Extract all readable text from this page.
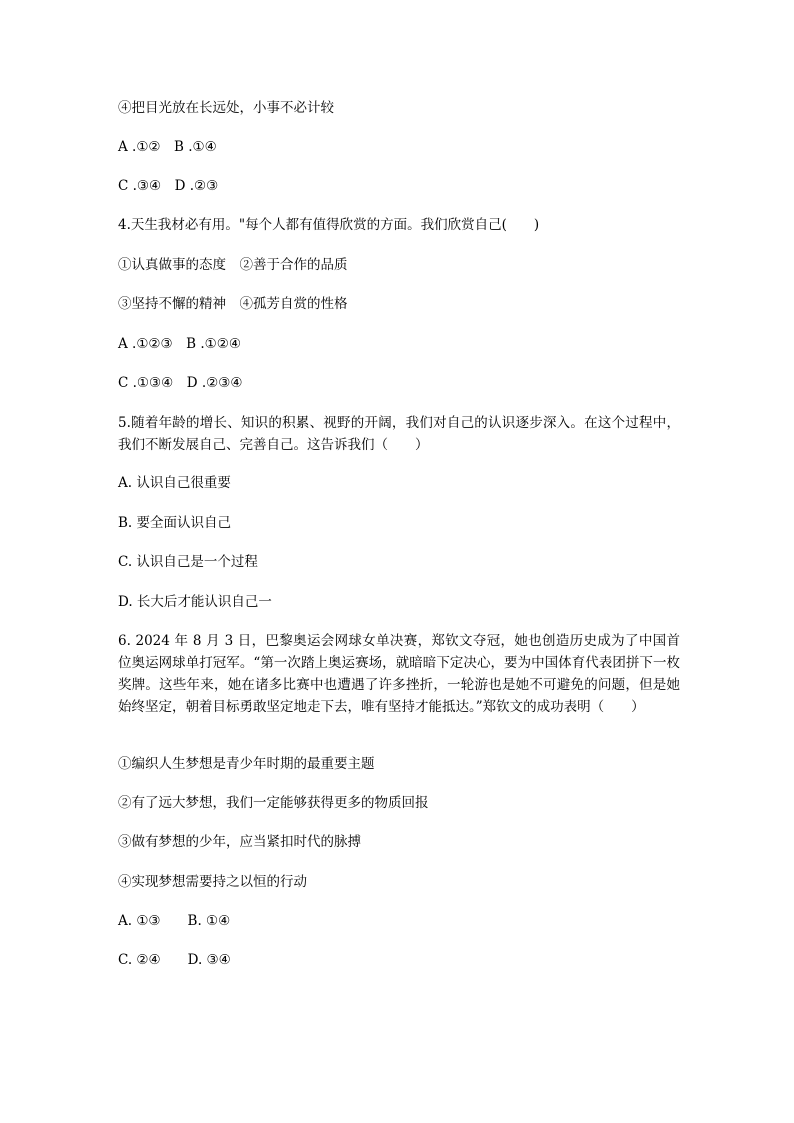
④把目光放在长远处，小事不必计较
A .①②　B .①④
C .③④　D .②③
4.天生我材必有用。"每个人都有值得欣赏的方面。我们欣赏自己(　　)
①认真做事的态度　②善于合作的品质
③坚持不懈的精神　④孤芳自赏的性格
A .①②③　B .①②④
C .①③④　D .②③④
5.随着年龄的增长、知识的积累、视野的开阔，我们对自己的认识逐步深入。在这个过程中，我们不断发展自己、完善自己。这告诉我们（　　）
A. 认识自己很重要
B. 要全面认识自己
C. 认识自己是一个过程
D. 长大后才能认识自己一
6. 2024 年 8 月 3 日，巴黎奥运会网球女单决赛，郑钦文夺冠，她也创造历史成为了中国首位奥运网球单打冠军。“第一次踏上奥运赛场，就暗暗下定决心，要为中国体育代表团拼下一枚奖牌。这些年来，她在诸多比赛中也遭遇了许多挫折，一轮游也是她不可避免的问题，但是她始终坚定，朝着目标勇敢坚定地走下去，唯有坚持才能抵达。”郑钦文的成功表明（　　）
①编织人生梦想是青少年时期的最重要主题
②有了远大梦想，我们一定能够获得更多的物质回报
③做有梦想的少年，应当紧扣时代的脉搏
④实现梦想需要持之以恒的行动
A. ①③　　B. ①④
C. ②④　　D. ③④
